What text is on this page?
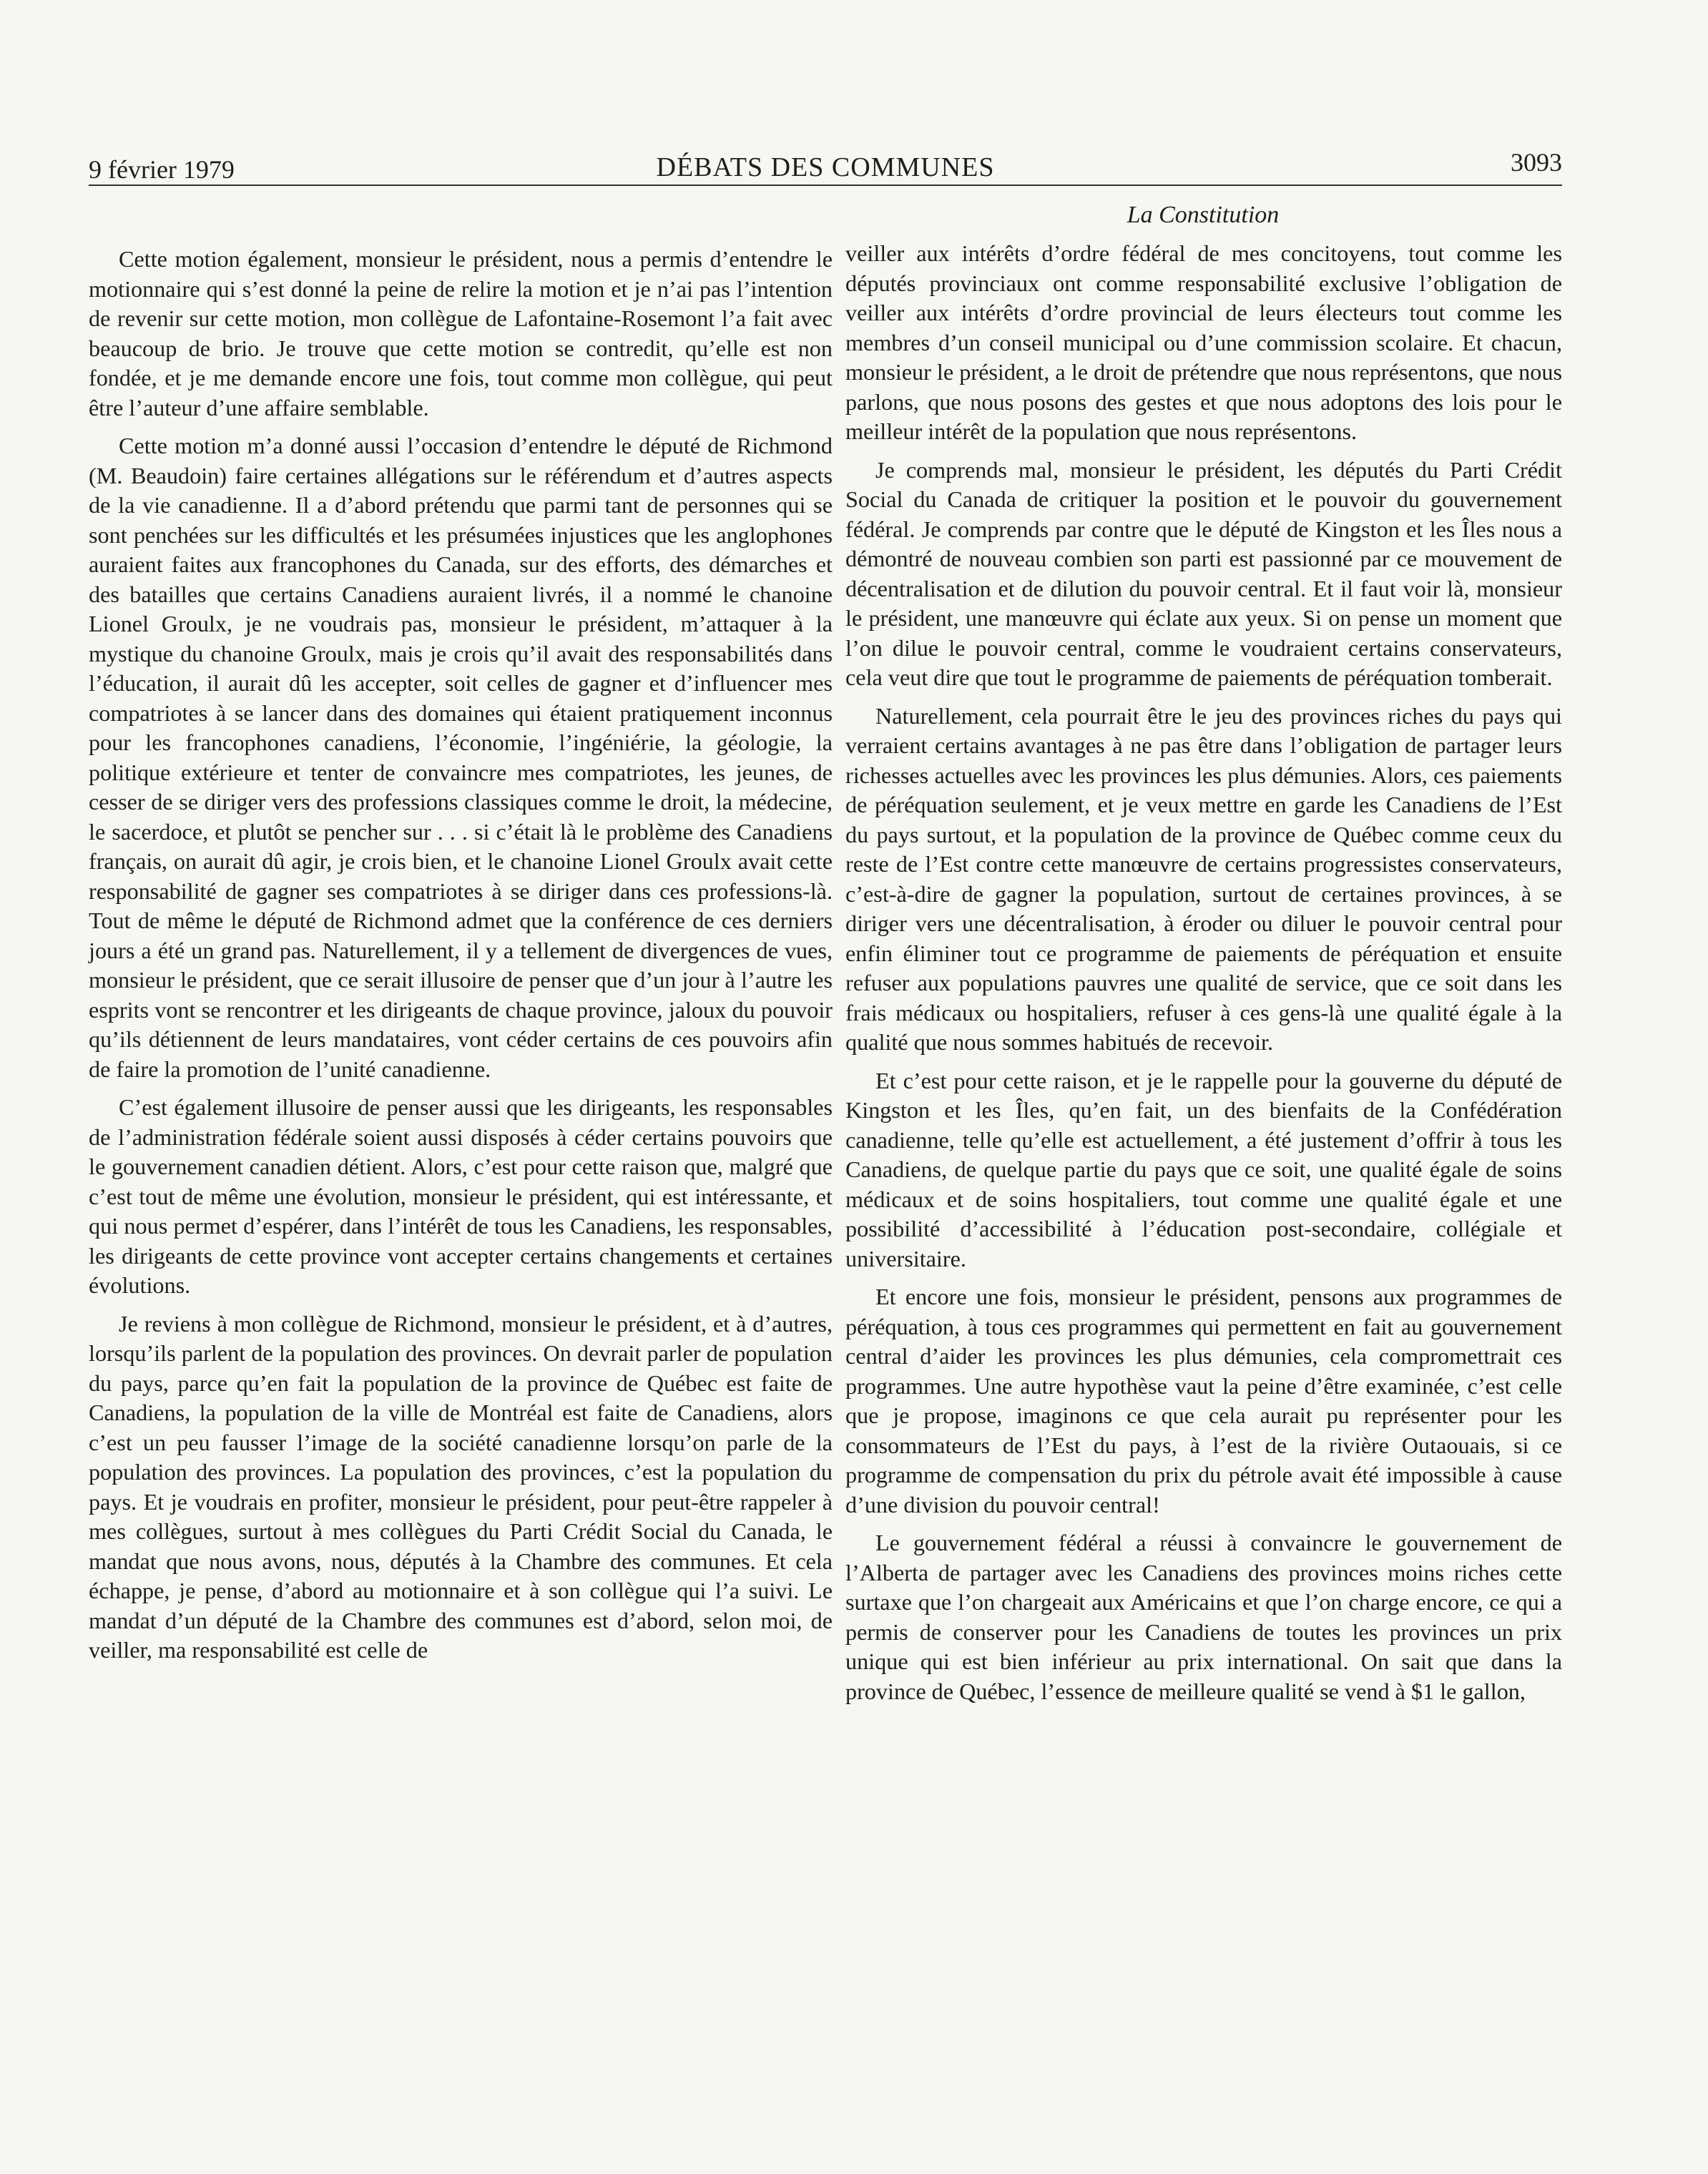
9 février 1979	DÉBATS DES COMMUNES	3093
La Constitution

Cette motion également, monsieur le président, nous a permis d’entendre le motionnaire qui s’est donné la peine de relire la motion et je n’ai pas l’intention de revenir sur cette motion, mon collègue de Lafontaine-Rosemont l’a fait avec beaucoup de brio. Je trouve que cette motion se contredit, qu’elle est non fondée, et je me demande encore une fois, tout comme mon collègue, qui peut être l’auteur d’une affaire semblable.

Cette motion m’a donné aussi l’occasion d’entendre le député de Richmond (M. Beaudoin) faire certaines allégations sur le référendum et d’autres aspects de la vie canadienne. Il a d’abord prétendu que parmi tant de personnes qui se sont penchées sur les difficultés et les présumées injustices que les anglophones auraient faites aux francophones du Canada, sur des efforts, des démarches et des batailles que certains Canadiens auraient livrés, il a nommé le chanoine Lionel Groulx, je ne voudrais pas, monsieur le président, m’attaquer à la mystique du chanoine Groulx, mais je crois qu’il avait des responsabilités dans l’éducation, il aurait dû les accepter, soit celles de gagner et d’influencer mes compatriotes à se lancer dans des domaines qui étaient pratiquement inconnus pour les francophones canadiens, l’économie, l’ingéniérie, la géologie, la politique extérieure et tenter de convaincre mes compatriotes, les jeunes, de cesser de se diriger vers des professions classiques comme le droit, la médecine, le sacerdoce, et plutôt se pencher sur . . . si c’était là le problème des Canadiens français, on aurait dû agir, je crois bien, et le chanoine Lionel Groulx avait cette responsabilité de gagner ses compatriotes à se diriger dans ces professions-là. Tout de même le député de Richmond admet que la conférence de ces derniers jours a été un grand pas. Naturellement, il y a tellement de divergences de vues, monsieur le président, que ce serait illusoire de penser que d’un jour à l’autre les esprits vont se rencontrer et les dirigeants de chaque province, jaloux du pouvoir qu’ils détiennent de leurs mandataires, vont céder certains de ces pouvoirs afin de faire la promotion de l’unité canadienne.

C’est également illusoire de penser aussi que les dirigeants, les responsables de l’administration fédérale soient aussi disposés à céder certains pouvoirs que le gouvernement canadien détient. Alors, c’est pour cette raison que, malgré que c’est tout de même une évolution, monsieur le président, qui est intéressante, et qui nous permet d’espérer, dans l’intérêt de tous les Canadiens, les responsables, les dirigeants de cette province vont accepter certains changements et certaines évolutions.

Je reviens à mon collègue de Richmond, monsieur le président, et à d’autres, lorsqu’ils parlent de la population des provinces. On devrait parler de population du pays, parce qu’en fait la population de la province de Québec est faite de Canadiens, la population de la ville de Montréal est faite de Canadiens, alors c’est un peu fausser l’image de la société canadienne lorsqu’on parle de la population des provinces. La population des provinces, c’est la population du pays. Et je voudrais en profiter, monsieur le président, pour peut-être rappeler à mes collègues, surtout à mes collègues du Parti Crédit Social du Canada, le mandat que nous avons, nous, députés à la Chambre des communes. Et cela échappe, je pense, d’abord au motionnaire et à son collègue qui l’a suivi. Le mandat d’un député de la Chambre des communes est d’abord, selon moi, de veiller, ma responsabilité est celle de

veiller aux intérêts d’ordre fédéral de mes concitoyens, tout comme les députés provinciaux ont comme responsabilité exclusive l’obligation de veiller aux intérêts d’ordre provincial de leurs électeurs tout comme les membres d’un conseil municipal ou d’une commission scolaire. Et chacun, monsieur le président, a le droit de prétendre que nous représentons, que nous parlons, que nous posons des gestes et que nous adoptons des lois pour le meilleur intérêt de la population que nous représentons.

Je comprends mal, monsieur le président, les députés du Parti Crédit Social du Canada de critiquer la position et le pouvoir du gouvernement fédéral. Je comprends par contre que le député de Kingston et les Îles nous a démontré de nouveau combien son parti est passionné par ce mouvement de décentralisation et de dilution du pouvoir central. Et il faut voir là, monsieur le président, une manœuvre qui éclate aux yeux. Si on pense un moment que l’on dilue le pouvoir central, comme le voudraient certains conservateurs, cela veut dire que tout le programme de paiements de péréquation tomberait.

Naturellement, cela pourrait être le jeu des provinces riches du pays qui verraient certains avantages à ne pas être dans l’obligation de partager leurs richesses actuelles avec les provinces les plus démunies. Alors, ces paiements de péréquation seulement, et je veux mettre en garde les Canadiens de l’Est du pays surtout, et la population de la province de Québec comme ceux du reste de l’Est contre cette manœuvre de certains progressistes conservateurs, c’est-à-dire de gagner la population, surtout de certaines provinces, à se diriger vers une décentralisation, à éroder ou diluer le pouvoir central pour enfin éliminer tout ce programme de paiements de péréquation et ensuite refuser aux populations pauvres une qualité de service, que ce soit dans les frais médicaux ou hospitaliers, refuser à ces gens-là une qualité égale à la qualité que nous sommes habitués de recevoir.

Et c’est pour cette raison, et je le rappelle pour la gouverne du député de Kingston et les Îles, qu’en fait, un des bienfaits de la Confédération canadienne, telle qu’elle est actuellement, a été justement d’offrir à tous les Canadiens, de quelque partie du pays que ce soit, une qualité égale de soins médicaux et de soins hospitaliers, tout comme une qualité égale et une possibilité d’accessibilité à l’éducation post-secondaire, collégiale et universitaire.

Et encore une fois, monsieur le président, pensons aux programmes de péréquation, à tous ces programmes qui permettent en fait au gouvernement central d’aider les provinces les plus démunies, cela compromettrait ces programmes. Une autre hypothèse vaut la peine d’être examinée, c’est celle que je propose, imaginons ce que cela aurait pu représenter pour les consommateurs de l’Est du pays, à l’est de la rivière Outaouais, si ce programme de compensation du prix du pétrole avait été impossible à cause d’une division du pouvoir central!

Le gouvernement fédéral a réussi à convaincre le gouvernement de l’Alberta de partager avec les Canadiens des provinces moins riches cette surtaxe que l’on chargeait aux Américains et que l’on charge encore, ce qui a permis de conserver pour les Canadiens de toutes les provinces un prix unique qui est bien inférieur au prix international. On sait que dans la province de Québec, l’essence de meilleure qualité se vend à $1 le gallon,
